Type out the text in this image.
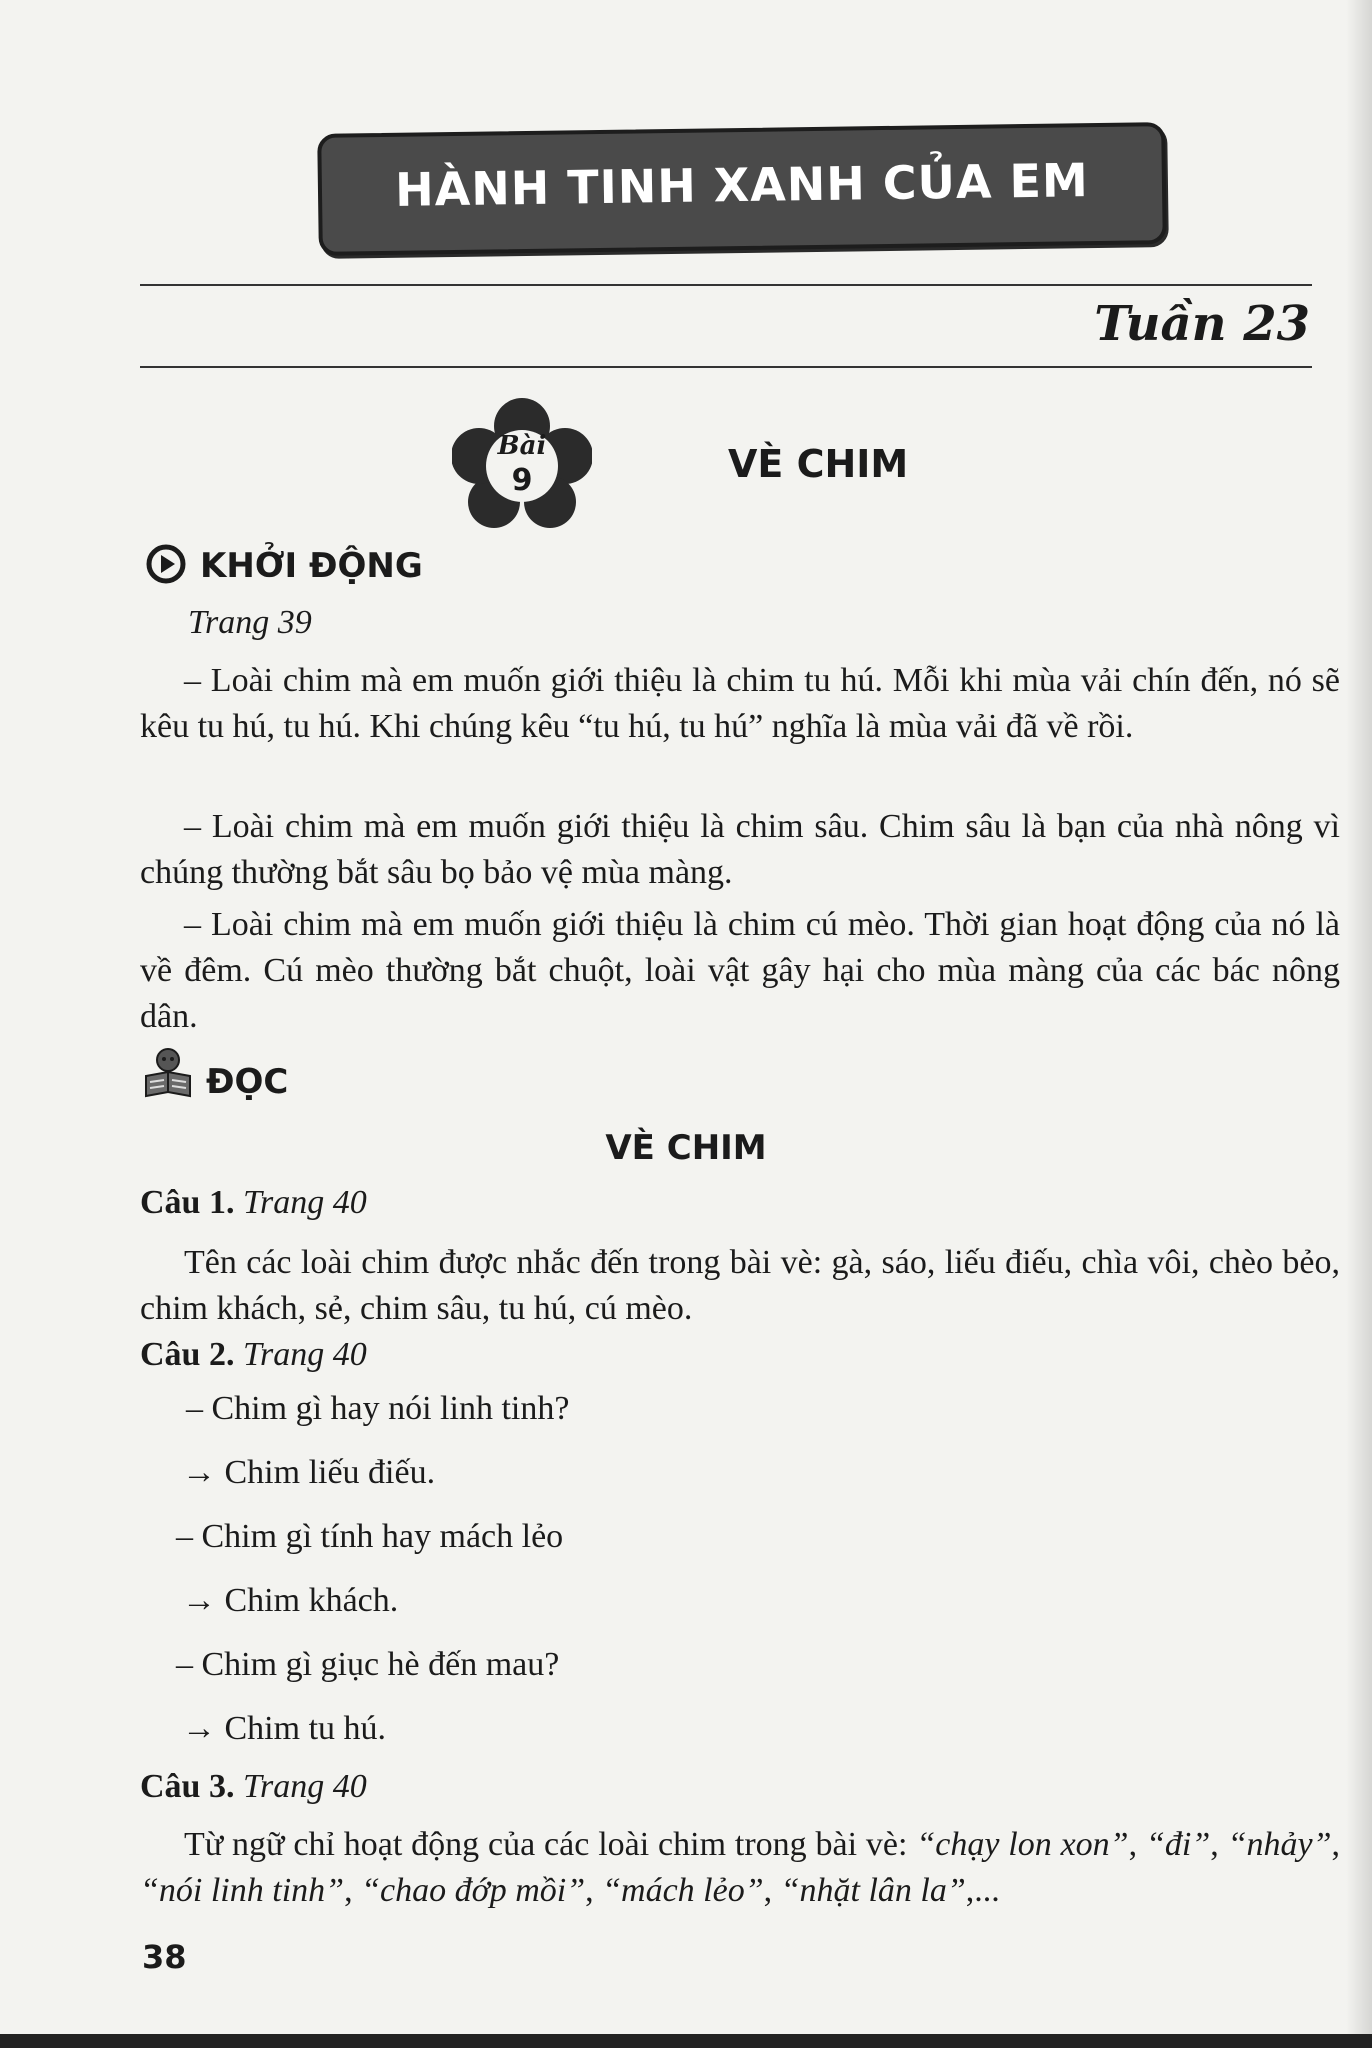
HÀNH TINH XANH CỦA EM
Tuần 23
Bài
9	VÈ CHIM
KHỞI ĐỘNG
Trang 39
– Loài chim mà em muốn giới thiệu là chim tu hú. Mỗi khi mùa vải chín đến, nó sẽ kêu tu hú, tu hú. Khi chúng kêu “tu hú, tu hú” nghĩa là mùa vải đã về rồi.
– Loài chim mà em muốn giới thiệu là chim sâu. Chim sâu là bạn của nhà nông vì chúng thường bắt sâu bọ bảo vệ mùa màng.
– Loài chim mà em muốn giới thiệu là chim cú mèo. Thời gian hoạt động của nó là về đêm. Cú mèo thường bắt chuột, loài vật gây hại cho mùa màng của các bác nông dân.
ĐỌC
VÈ CHIM
Câu 1. Trang 40
Tên các loài chim được nhắc đến trong bài vè: gà, sáo, liếu điếu, chìa vôi, chèo bẻo, chim khách, sẻ, chim sâu, tu hú, cú mèo.
Câu 2. Trang 40
– Chim gì hay nói linh tinh?
→ Chim liếu điếu.
– Chim gì tính hay mách lẻo
→ Chim khách.
– Chim gì giục hè đến mau?
→ Chim tu hú.
Câu 3. Trang 40
Từ ngữ chỉ hoạt động của các loài chim trong bài vè: “chạy lon xon”, “đi”, “nhảy”, “nói linh tinh”, “chao đớp mồi”, “mách lẻo”, “nhặt lân la”,...
38
